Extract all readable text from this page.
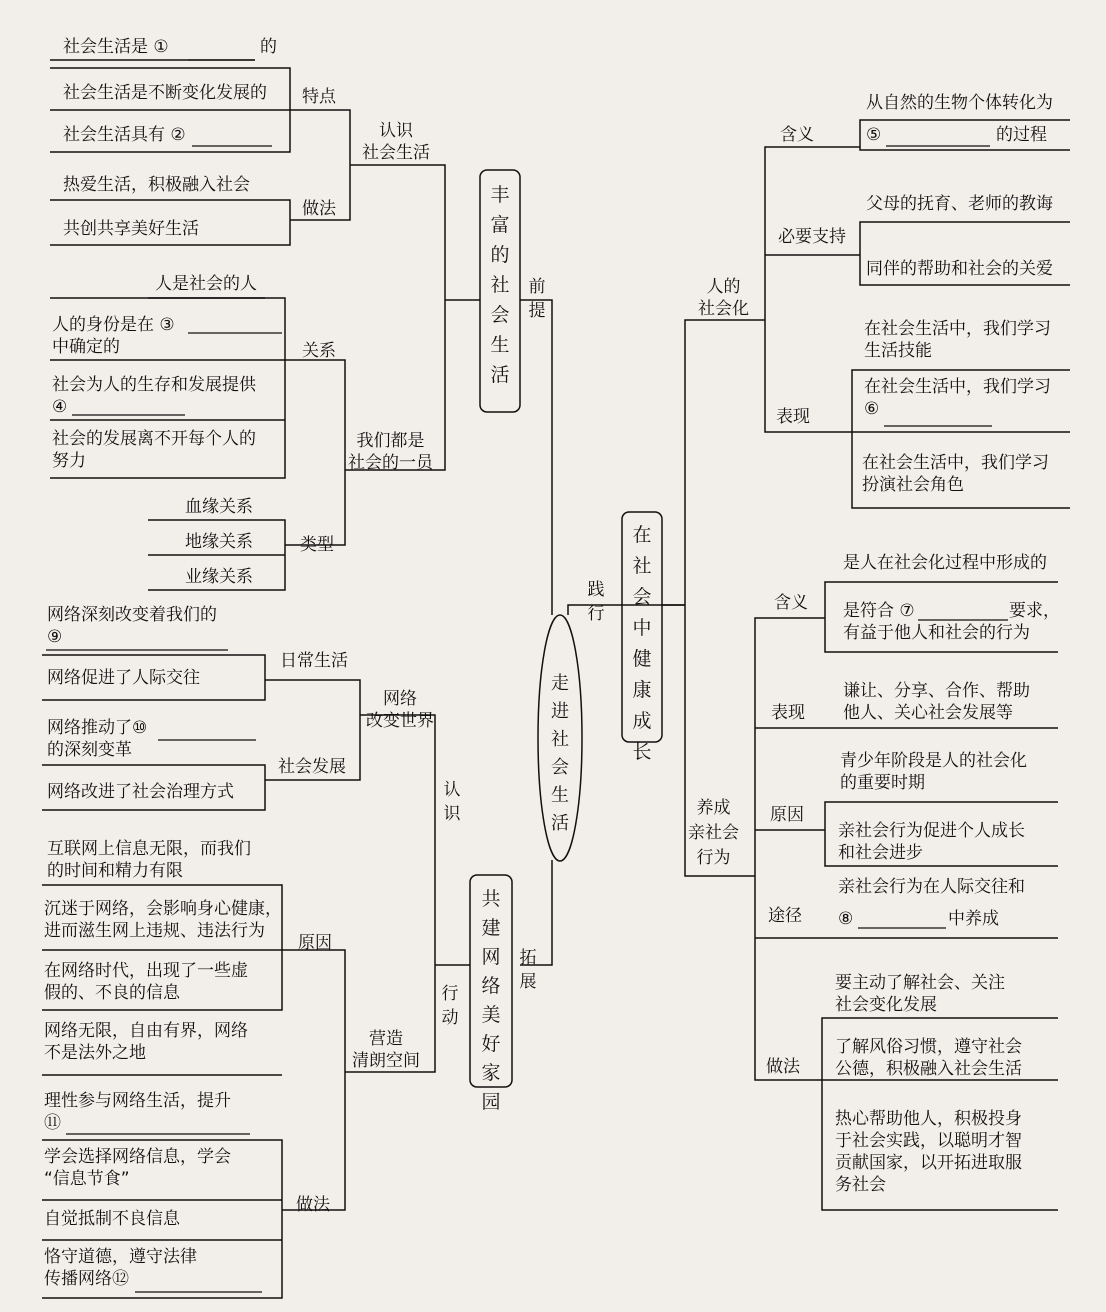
走进社会生活
前提
践行
认识
行动
拓展
丰富的社会生活
共建网络美好家园
在社会中健康成长
认识
社会生活
特点
社会生活是 ①	的
社会生活是不断变化发展的
社会生活具有 ②
做法
热爱生活，积极融入社会
共创共享美好生活
我们都是
社会的一员
关系
人是社会的人
人的身份是在 ③
中确定的
社会为人的生存和发展提供
④
社会的发展离不开每个人的
努力
类型
血缘关系
地缘关系
业缘关系
网络
改变世界
日常生活
网络深刻改变着我们的
⑨
网络促进了人际交往
社会发展
网络推动了⑩
的深刻变革
网络改进了社会治理方式
营造
清朗空间
原因
互联网上信息无限，而我们
的时间和精力有限
沉迷于网络，会影响身心健康，
进而滋生网上违规、违法行为
在网络时代，出现了一些虚
假的、不良的信息
网络无限，自由有界，网络
不是法外之地
做法
理性参与网络生活，提升
⑪
学会选择网络信息，学会
“信息节食”
自觉抵制不良信息
恪守道德，遵守法律
传播网络⑫
人的
社会化
含义
从自然的生物个体转化为
⑤	的过程
必要支持
父母的抚育、老师的教诲
同伴的帮助和社会的关爱
表现
在社会生活中，我们学习
生活技能
在社会生活中，我们学习
⑥
在社会生活中，我们学习
扮演社会角色
养成
亲社会
行为
含义
是人在社会化过程中形成的
是符合 ⑦	要求，
有益于他人和社会的行为
表现
谦让、分享、合作、帮助
他人、关心社会发展等
原因
青少年阶段是人的社会化
的重要时期
亲社会行为促进个人成长
和社会进步
途径
亲社会行为在人际交往和
⑧	中养成
做法
要主动了解社会、关注
社会变化发展
了解风俗习惯，遵守社会
公德，积极融入社会生活
热心帮助他人，积极投身
于社会实践，以聪明才智
贡献国家，以开拓进取服
务社会
